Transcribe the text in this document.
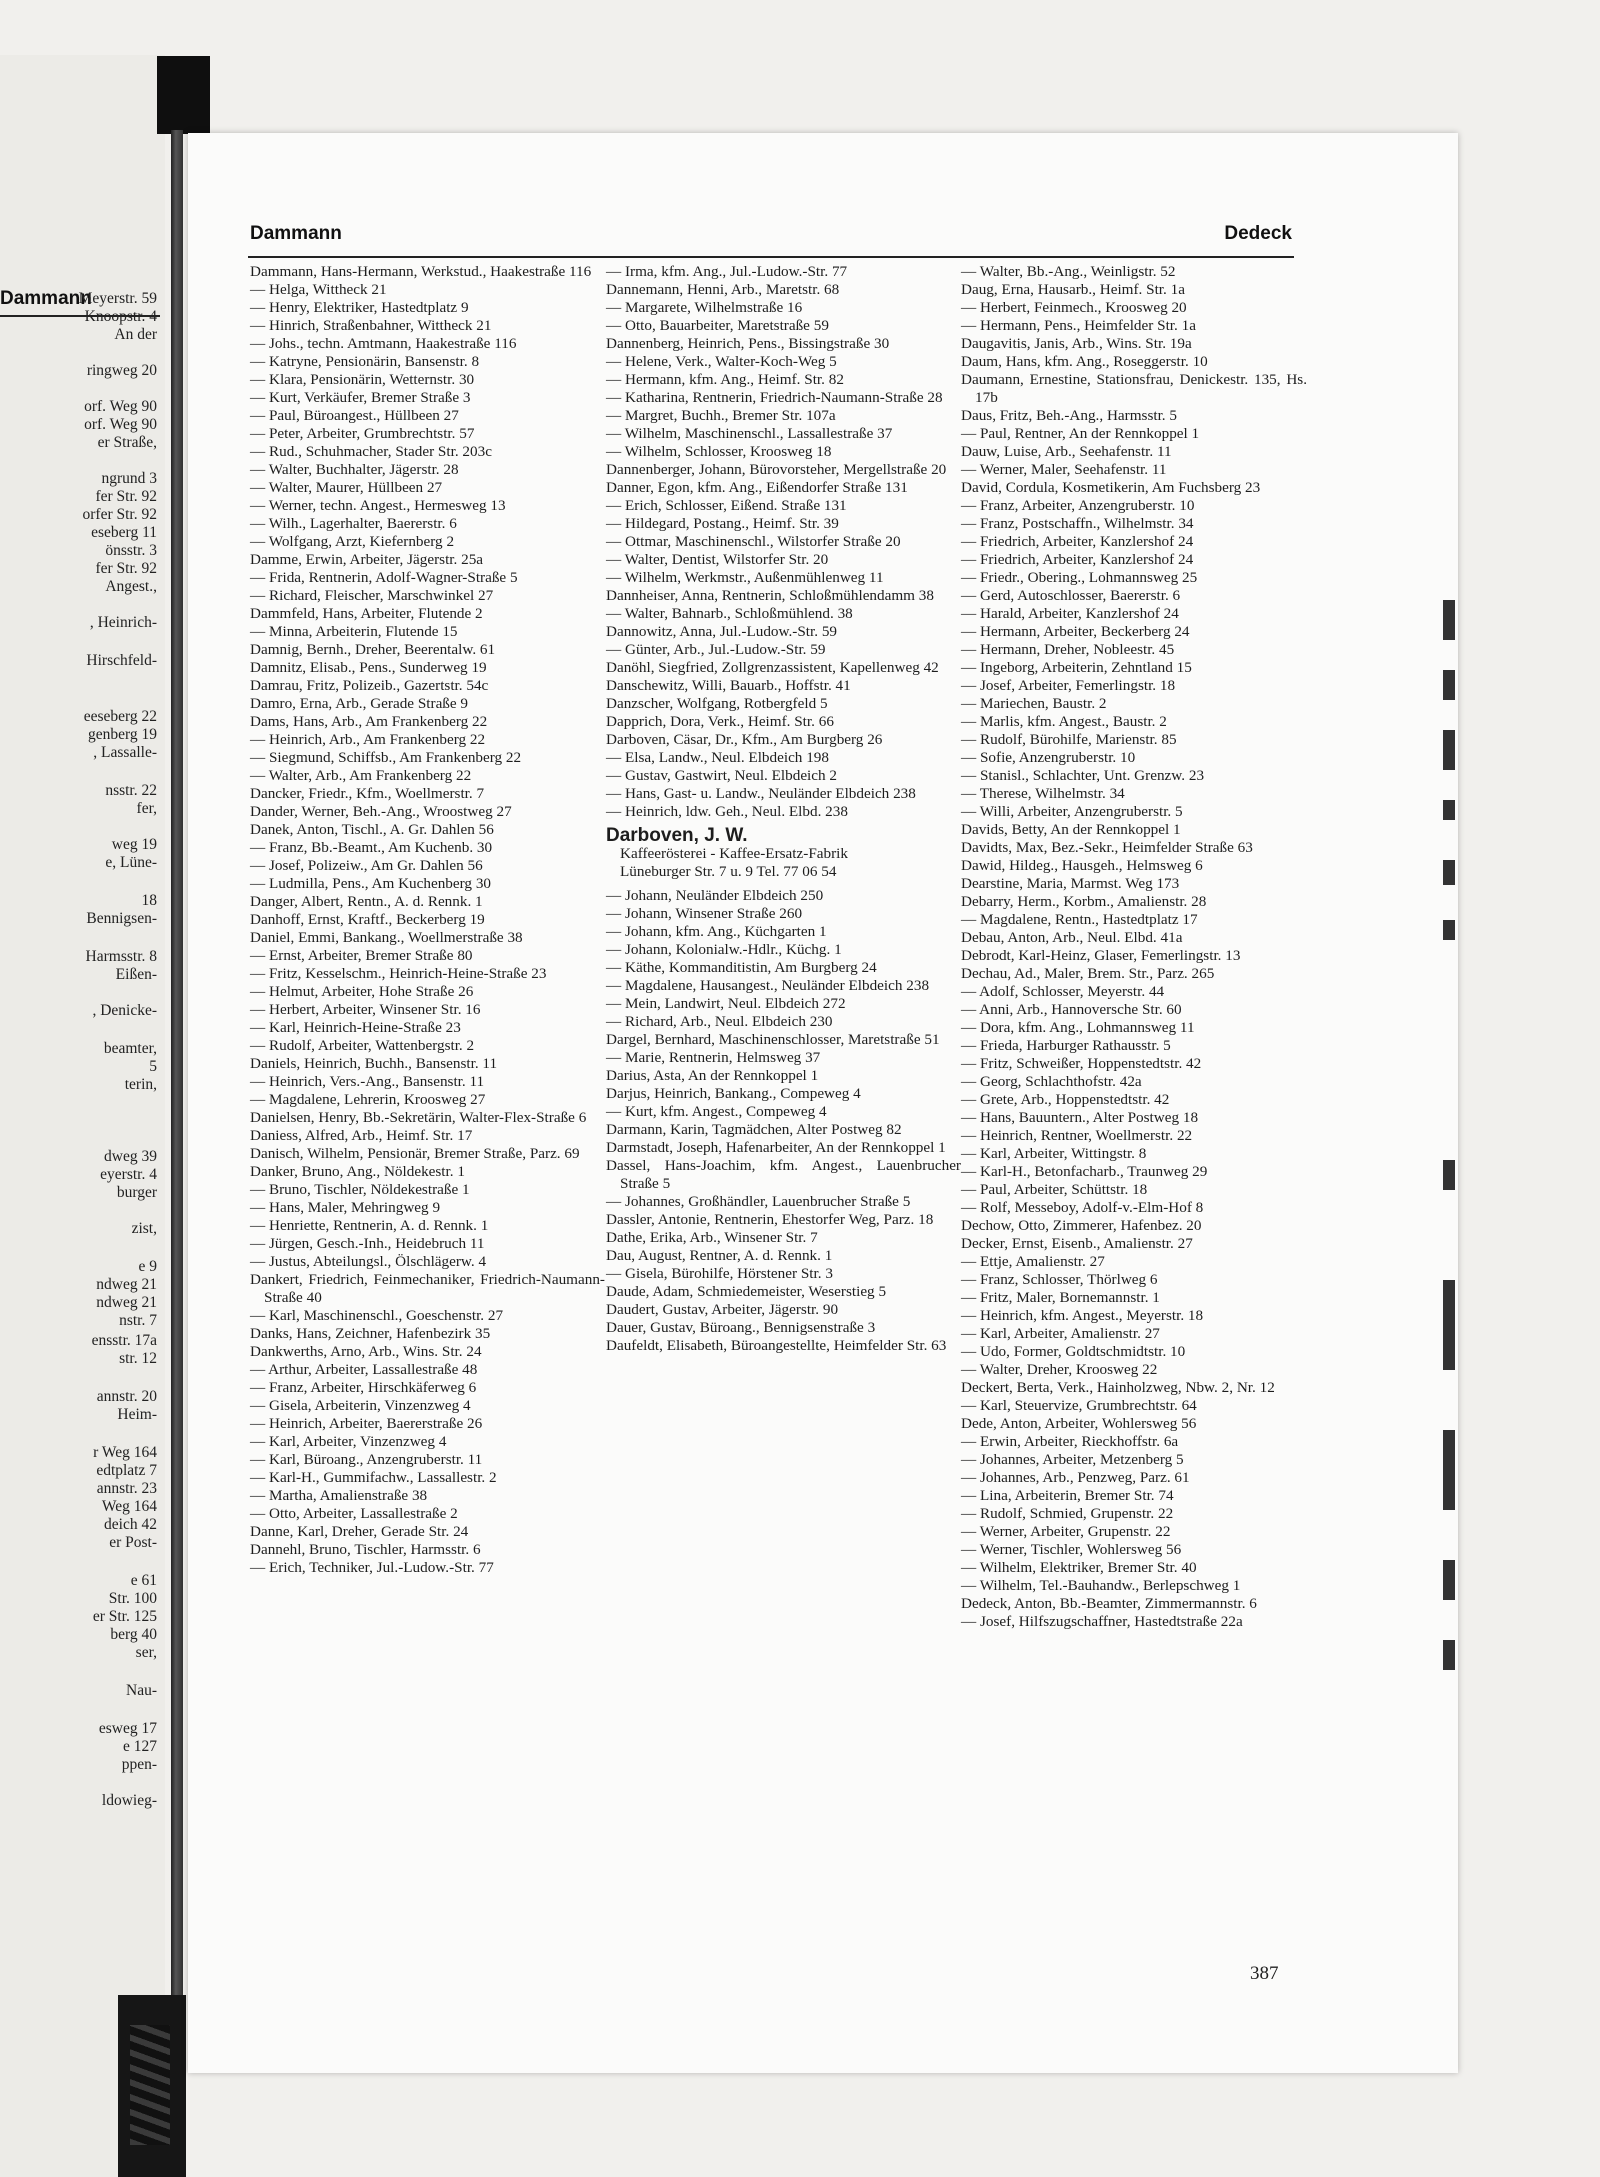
Dammann
Meyerstr. 59
Knoopstr. 4
An der
ringweg 20
orf. Weg 90
orf. Weg 90
er Straße,
ngrund 3
fer Str. 92
orfer Str. 92
eseberg 11
önsstr. 3
fer Str. 92
Angest.,
, Heinrich-
Hirschfeld-
eeseberg 22
genberg 19
, Lassalle-
nsstr. 22
fer,
weg 19
e, Lüne-
18
Bennigsen-
Harmsstr. 8
Eißen-
, Denicke-
beamter,
5
terin,
dweg 39
eyerstr. 4
burger
zist,
e 9
ndweg 21
ndweg 21
nstr. 7
ensstr. 17a
str. 12
annstr. 20
Heim-
r Weg 164
edtplatz 7
annstr. 23
Weg 164
deich 42
er Post-
e 61
Str. 100
er Str. 125
berg 40
ser,
Nau-
esweg 17
e 127
ppen-
ldowieg-
Dammann	Dedeck
Dammann, Hans-Hermann, Werkstud., Haakestraße 116
— Helga, Wittheck 21
— Henry, Elektriker, Hastedtplatz 9
— Hinrich, Straßenbahner, Wittheck 21
— Johs., techn. Amtmann, Haakestraße 116
— Katryne, Pensionärin, Bansenstr. 8
— Klara, Pensionärin, Wetternstr. 30
— Kurt, Verkäufer, Bremer Straße 3
— Paul, Büroangest., Hüllbeen 27
— Peter, Arbeiter, Grumbrechtstr. 57
— Rud., Schuhmacher, Stader Str. 203c
— Walter, Buchhalter, Jägerstr. 28
— Walter, Maurer, Hüllbeen 27
— Werner, techn. Angest., Hermesweg 13
— Wilh., Lagerhalter, Baererstr. 6
— Wolfgang, Arzt, Kiefernberg 2
Damme, Erwin, Arbeiter, Jägerstr. 25a
— Frida, Rentnerin, Adolf-Wagner-Straße 5
— Richard, Fleischer, Marschwinkel 27
Dammfeld, Hans, Arbeiter, Flutende 2
— Minna, Arbeiterin, Flutende 15
Damnig, Bernh., Dreher, Beerentalw. 61
Damnitz, Elisab., Pens., Sunderweg 19
Damrau, Fritz, Polizeib., Gazertstr. 54c
Damro, Erna, Arb., Gerade Straße 9
Dams, Hans, Arb., Am Frankenberg 22
— Heinrich, Arb., Am Frankenberg 22
— Siegmund, Schiffsb., Am Frankenberg 22
— Walter, Arb., Am Frankenberg 22
Dancker, Friedr., Kfm., Woellmerstr. 7
Dander, Werner, Beh.-Ang., Wroostweg 27
Danek, Anton, Tischl., A. Gr. Dahlen 56
— Franz, Bb.-Beamt., Am Kuchenb. 30
— Josef, Polizeiw., Am Gr. Dahlen 56
— Ludmilla, Pens., Am Kuchenberg 30
Danger, Albert, Rentn., A. d. Rennk. 1
Danhoff, Ernst, Kraftf., Beckerberg 19
Daniel, Emmi, Bankang., Woellmerstraße 38
— Ernst, Arbeiter, Bremer Straße 80
— Fritz, Kesselschm., Heinrich-Heine-Straße 23
— Helmut, Arbeiter, Hohe Straße 26
— Herbert, Arbeiter, Winsener Str. 16
— Karl, Heinrich-Heine-Straße 23
— Rudolf, Arbeiter, Wattenbergstr. 2
Daniels, Heinrich, Buchh., Bansenstr. 11
— Heinrich, Vers.-Ang., Bansenstr. 11
— Magdalene, Lehrerin, Kroosweg 27
Danielsen, Henry, Bb.-Sekretärin, Walter-Flex-Straße 6
Daniess, Alfred, Arb., Heimf. Str. 17
Danisch, Wilhelm, Pensionär, Bremer Straße, Parz. 69
Danker, Bruno, Ang., Nöldekestr. 1
— Bruno, Tischler, Nöldekestraße 1
— Hans, Maler, Mehringweg 9
— Henriette, Rentnerin, A. d. Rennk. 1
— Jürgen, Gesch.-Inh., Heidebruch 11
— Justus, Abteilungsl., Ölschlägerw. 4
Dankert, Friedrich, Feinmechaniker, Friedrich-Naumann-Straße 40
— Karl, Maschinenschl., Goeschenstr. 27
Danks, Hans, Zeichner, Hafenbezirk 35
Dankwerths, Arno, Arb., Wins. Str. 24
— Arthur, Arbeiter, Lassallestraße 48
— Franz, Arbeiter, Hirschkäferweg 6
— Gisela, Arbeiterin, Vinzenzweg 4
— Heinrich, Arbeiter, Baererstraße 26
— Karl, Arbeiter, Vinzenzweg 4
— Karl, Büroang., Anzengruberstr. 11
— Karl-H., Gummifachw., Lassallestr. 2
— Martha, Amalienstraße 38
— Otto, Arbeiter, Lassallestraße 2
Danne, Karl, Dreher, Gerade Str. 24
Dannehl, Bruno, Tischler, Harmsstr. 6
— Erich, Techniker, Jul.-Ludow.-Str. 77
— Irma, kfm. Ang., Jul.-Ludow.-Str. 77
Dannemann, Henni, Arb., Maretstr. 68
— Margarete, Wilhelmstraße 16
— Otto, Bauarbeiter, Maretstraße 59
Dannenberg, Heinrich, Pens., Bissingstraße 30
— Helene, Verk., Walter-Koch-Weg 5
— Hermann, kfm. Ang., Heimf. Str. 82
— Katharina, Rentnerin, Friedrich-Naumann-Straße 28
— Margret, Buchh., Bremer Str. 107a
— Wilhelm, Maschinenschl., Lassallestraße 37
— Wilhelm, Schlosser, Kroosweg 18
Dannenberger, Johann, Bürovorsteher, Mergellstraße 20
Danner, Egon, kfm. Ang., Eißendorfer Straße 131
— Erich, Schlosser, Eißend. Straße 131
— Hildegard, Postang., Heimf. Str. 39
— Ottmar, Maschinenschl., Wilstorfer Straße 20
— Walter, Dentist, Wilstorfer Str. 20
— Wilhelm, Werkmstr., Außenmühlenweg 11
Dannheiser, Anna, Rentnerin, Schloßmühlendamm 38
— Walter, Bahnarb., Schloßmühlend. 38
Dannowitz, Anna, Jul.-Ludow.-Str. 59
— Günter, Arb., Jul.-Ludow.-Str. 59
Danöhl, Siegfried, Zollgrenzassistent, Kapellenweg 42
Danschewitz, Willi, Bauarb., Hoffstr. 41
Danzscher, Wolfgang, Rotbergfeld 5
Dapprich, Dora, Verk., Heimf. Str. 66
Darboven, Cäsar, Dr., Kfm., Am Burgberg 26
— Elsa, Landw., Neul. Elbdeich 198
— Gustav, Gastwirt, Neul. Elbdeich 2
— Hans, Gast- u. Landw., Neuländer Elbdeich 238
— Heinrich, ldw. Geh., Neul. Elbd. 238
Darboven, J. W.
Kaffeerösterei - Kaffee-Ersatz-Fabrik
Lüneburger Str. 7 u. 9 Tel. 77 06 54
— Johann, Neuländer Elbdeich 250
— Johann, Winsener Straße 260
— Johann, kfm. Ang., Küchgarten 1
— Johann, Kolonialw.-Hdlr., Küchg. 1
— Käthe, Kommanditistin, Am Burgberg 24
— Magdalene, Hausangest., Neuländer Elbdeich 238
— Mein, Landwirt, Neul. Elbdeich 272
— Richard, Arb., Neul. Elbdeich 230
Dargel, Bernhard, Maschinenschlosser, Maretstraße 51
— Marie, Rentnerin, Helmsweg 37
Darius, Asta, An der Rennkoppel 1
Darjus, Heinrich, Bankang., Compeweg 4
— Kurt, kfm. Angest., Compeweg 4
Darmann, Karin, Tagmädchen, Alter Postweg 82
Darmstadt, Joseph, Hafenarbeiter, An der Rennkoppel 1
Dassel, Hans-Joachim, kfm. Angest., Lauenbrucher Straße 5
— Johannes, Großhändler, Lauenbrucher Straße 5
Dassler, Antonie, Rentnerin, Ehestorfer Weg, Parz. 18
Dathe, Erika, Arb., Winsener Str. 7
Dau, August, Rentner, A. d. Rennk. 1
— Gisela, Bürohilfe, Hörstener Str. 3
Daude, Adam, Schmiedemeister, Weserstieg 5
Daudert, Gustav, Arbeiter, Jägerstr. 90
Dauer, Gustav, Büroang., Bennigsenstraße 3
Daufeldt, Elisabeth, Büroangestellte, Heimfelder Str. 63
— Walter, Bb.-Ang., Weinligstr. 52
Daug, Erna, Hausarb., Heimf. Str. 1a
— Herbert, Feinmech., Kroosweg 20
— Hermann, Pens., Heimfelder Str. 1a
Daugavitis, Janis, Arb., Wins. Str. 19a
Daum, Hans, kfm. Ang., Roseggerstr. 10
Daumann, Ernestine, Stationsfrau, Denickestr. 135, Hs. 17b
Daus, Fritz, Beh.-Ang., Harmsstr. 5
— Paul, Rentner, An der Rennkoppel 1
Dauw, Luise, Arb., Seehafenstr. 11
— Werner, Maler, Seehafenstr. 11
David, Cordula, Kosmetikerin, Am Fuchsberg 23
— Franz, Arbeiter, Anzengruberstr. 10
— Franz, Postschaffn., Wilhelmstr. 34
— Friedrich, Arbeiter, Kanzlershof 24
— Friedrich, Arbeiter, Kanzlershof 24
— Friedr., Obering., Lohmannsweg 25
— Gerd, Autoschlosser, Baererstr. 6
— Harald, Arbeiter, Kanzlershof 24
— Hermann, Arbeiter, Beckerberg 24
— Hermann, Dreher, Nobleestr. 45
— Ingeborg, Arbeiterin, Zehntland 15
— Josef, Arbeiter, Femerlingstr. 18
— Mariechen, Baustr. 2
— Marlis, kfm. Angest., Baustr. 2
— Rudolf, Bürohilfe, Marienstr. 85
— Sofie, Anzengruberstr. 10
— Stanisl., Schlachter, Unt. Grenzw. 23
— Therese, Wilhelmstr. 34
— Willi, Arbeiter, Anzengruberstr. 5
Davids, Betty, An der Rennkoppel 1
Davidts, Max, Bez.-Sekr., Heimfelder Straße 63
Dawid, Hildeg., Hausgeh., Helmsweg 6
Dearstine, Maria, Marmst. Weg 173
Debarry, Herm., Korbm., Amalienstr. 28
— Magdalene, Rentn., Hastedtplatz 17
Debau, Anton, Arb., Neul. Elbd. 41a
Debrodt, Karl-Heinz, Glaser, Femerlingstr. 13
Dechau, Ad., Maler, Brem. Str., Parz. 265
— Adolf, Schlosser, Meyerstr. 44
— Anni, Arb., Hannoversche Str. 60
— Dora, kfm. Ang., Lohmannsweg 11
— Frieda, Harburger Rathausstr. 5
— Fritz, Schweißer, Hoppenstedtstr. 42
— Georg, Schlachthofstr. 42a
— Grete, Arb., Hoppenstedtstr. 42
— Hans, Bauuntern., Alter Postweg 18
— Heinrich, Rentner, Woellmerstr. 22
— Karl, Arbeiter, Wittingstr. 8
— Karl-H., Betonfacharb., Traunweg 29
— Paul, Arbeiter, Schüttstr. 18
— Rolf, Messeboy, Adolf-v.-Elm-Hof 8
Dechow, Otto, Zimmerer, Hafenbez. 20
Decker, Ernst, Eisenb., Amalienstr. 27
— Ettje, Amalienstr. 27
— Franz, Schlosser, Thörlweg 6
— Fritz, Maler, Bornemannstr. 1
— Heinrich, kfm. Angest., Meyerstr. 18
— Karl, Arbeiter, Amalienstr. 27
— Udo, Former, Goldtschmidtstr. 10
— Walter, Dreher, Kroosweg 22
Deckert, Berta, Verk., Hainholzweg, Nbw. 2, Nr. 12
— Karl, Steuervize, Grumbrechtstr. 64
Dede, Anton, Arbeiter, Wohlersweg 56
— Erwin, Arbeiter, Rieckhoffstr. 6a
— Johannes, Arbeiter, Metzenberg 5
— Johannes, Arb., Penzweg, Parz. 61
— Lina, Arbeiterin, Bremer Str. 74
— Rudolf, Schmied, Grupenstr. 22
— Werner, Arbeiter, Grupenstr. 22
— Werner, Tischler, Wohlersweg 56
— Wilhelm, Elektriker, Bremer Str. 40
— Wilhelm, Tel.-Bauhandw., Berlepschweg 1
Dedeck, Anton, Bb.-Beamter, Zimmermannstr. 6
— Josef, Hilfszugschaffner, Hastedtstraße 22a
387
